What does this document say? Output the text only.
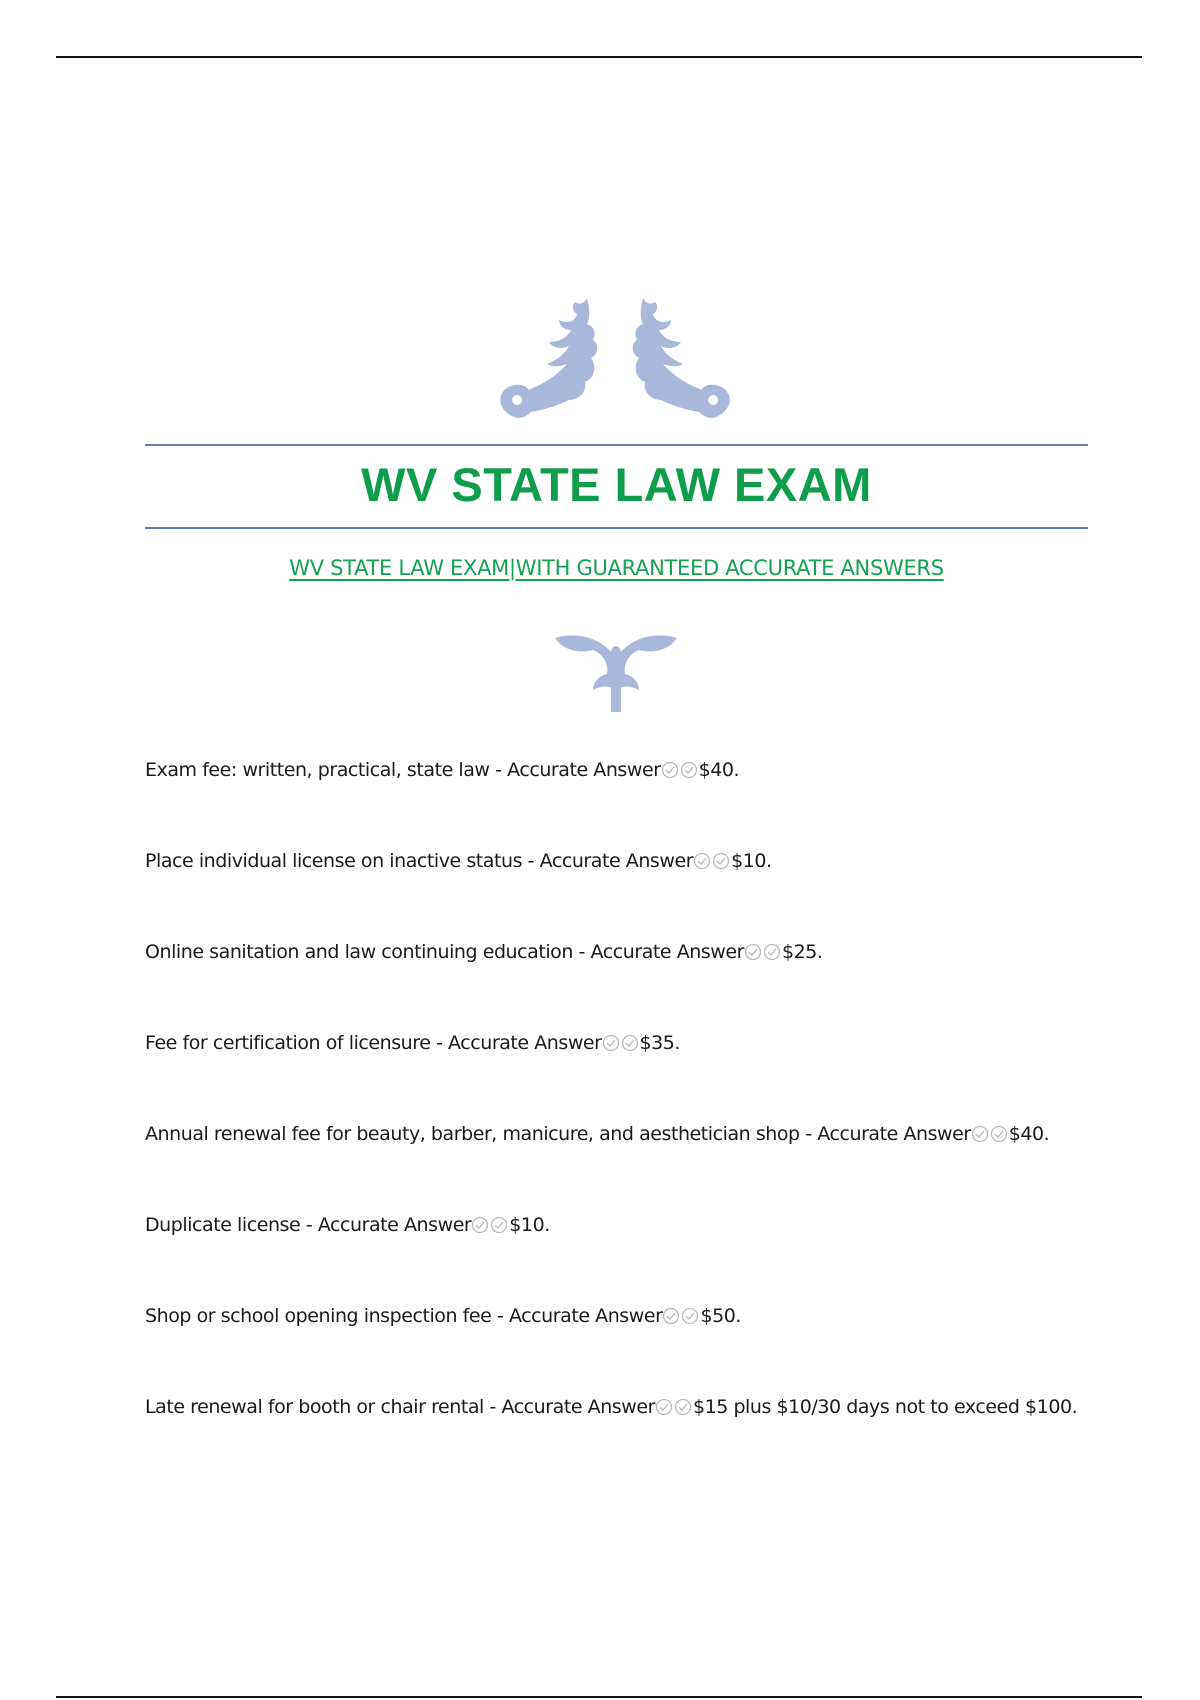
WV STATE LAW EXAM

WV STATE LAW EXAM|WITH GUARANTEED ACCURATE ANSWERS

Exam fee: written, practical, state law - Accurate Answer $40.
Place individual license on inactive status - Accurate Answer $10.
Online sanitation and law continuing education - Accurate Answer $25.
Fee for certification of licensure - Accurate Answer $35.
Annual renewal fee for beauty, barber, manicure, and aesthetician shop - Accurate Answer $40.
Duplicate license - Accurate Answer $10.
Shop or school opening inspection fee - Accurate Answer $50.
Late renewal for booth or chair rental - Accurate Answer $15 plus $10/30 days not to exceed $100.
